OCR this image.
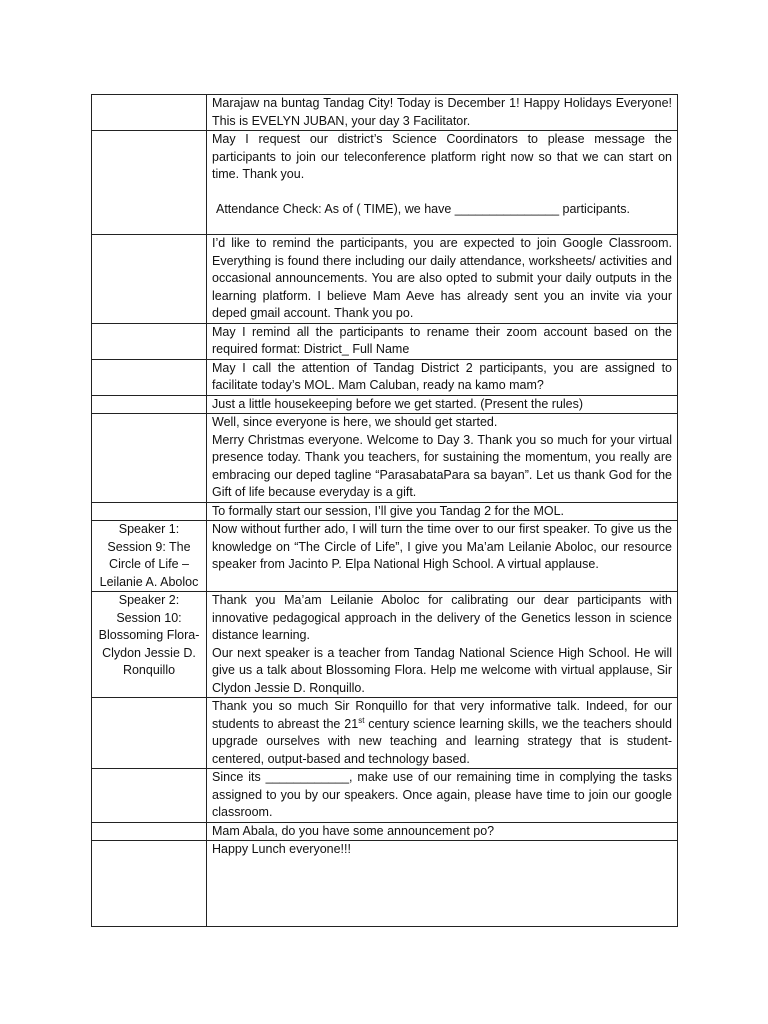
	Marajaw na buntag Tandag City! Today is December 1! Happy Holidays Everyone! This is EVELYN JUBAN, your day 3 Facilitator.

	May I request our district’s Science Coordinators to please message the participants to join our teleconference platform right now so that we can start on time. Thank you.

Attendance Check: As of ( TIME), we have _______________ participants.

	I’d like to remind the participants, you are expected to join Google Classroom. Everything is found there including our daily attendance, worksheets/ activities and occasional announcements. You are also opted to submit your daily outputs in the learning platform. I believe Mam Aeve has already sent you an invite via your deped gmail account. Thank you po.

	May I remind all the participants to rename their zoom account based on the required format: District_ Full Name

	May I call the attention of Tandag District 2 participants, you are assigned to facilitate today’s MOL. Mam Caluban, ready na kamo mam?

	Just a little housekeeping before we get started. (Present the rules)

	Well, since everyone is here, we should get started.

Merry Christmas everyone. Welcome to Day 3. Thank you so much for your virtual presence today. Thank you teachers, for sustaining the momentum, you really are embracing our deped tagline “ParasabataPara sa bayan”. Let us thank God for the Gift of life because everyday is a gift.

	To formally start our session, I’ll give you Tandag 2 for the MOL.

Speaker 1: Session 9: The Circle of Life – Leilanie A. Aboloc	Now without further ado, I will turn the time over to our first speaker. To give us the knowledge on “The Circle of Life”, I give you Ma’am Leilanie Aboloc, our resource speaker from Jacinto P. Elpa National High School. A virtual applause.

Speaker 2: Session 10: Blossoming Flora- Clydon Jessie D. Ronquillo	Thank you Ma’am Leilanie Aboloc for calibrating our dear participants with innovative pedagogical approach in the delivery of the Genetics lesson in science distance learning.

Our next speaker is a teacher from Tandag National Science High School. He will give us a talk about Blossoming Flora. Help me welcome with virtual applause, Sir Clydon Jessie D. Ronquillo.

	Thank you so much Sir Ronquillo for that very informative talk. Indeed, for our students to abreast the 21st century science learning skills, we the teachers should upgrade ourselves with new teaching and learning strategy that is student-centered, output-based and technology based.

	Since its ____________, make use of our remaining time in complying the tasks assigned to you by our speakers. Once again, please have time to join our google classroom.

	Mam Abala, do you have some announcement po?

	Happy Lunch everyone!!!
